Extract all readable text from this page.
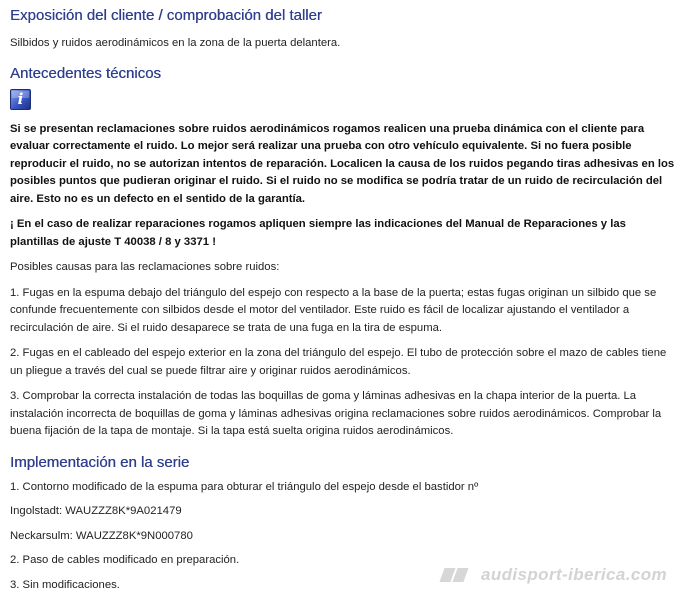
Exposición del cliente / comprobación del taller

Silbidos y ruidos aerodinámicos en la zona de la puerta delantera.

Antecedentes técnicos
i

Si se presentan reclamaciones sobre ruidos aerodinámicos rogamos realicen una prueba dinámica con el cliente para evaluar correctamente el ruido. Lo mejor será realizar una prueba con otro vehículo equivalente. Si no fuera posible reproducir el ruido, no se autorizan intentos de reparación. Localicen la causa de los ruidos pegando tiras adhesivas en los posibles puntos que pudieran originar el ruido. Si el ruido no se modifica se podría tratar de un ruido de recirculación del aire. Esto no es un defecto en el sentido de la garantía.

¡ En el caso de realizar reparaciones rogamos apliquen siempre las indicaciones del Manual de Reparaciones y las plantillas de ajuste T 40038 / 8 y 3371 !

Posibles causas para las reclamaciones sobre ruidos:

1. Fugas en la espuma debajo del triángulo del espejo con respecto a la base de la puerta; estas fugas originan un silbido que se confunde frecuentemente con silbidos desde el motor del ventilador. Este ruido es fácil de localizar ajustando el ventilador a recirculación de aire. Si el ruido desaparece se trata de una fuga en la tira de espuma.

2. Fugas en el cableado del espejo exterior en la zona del triángulo del espejo. El tubo de protección sobre el mazo de cables tiene un pliegue a través del cual se puede filtrar aire y originar ruidos aerodinámicos.

3. Comprobar la correcta instalación de todas las boquillas de goma y láminas adhesivas en la chapa interior de la puerta. La instalación incorrecta de boquillas de goma y láminas adhesivas origina reclamaciones sobre ruidos aerodinámicos. Comprobar la buena fijación de la tapa de montaje. Si la tapa está suelta origina ruidos aerodinámicos.

Implementación en la serie

1. Contorno modificado de la espuma para obturar el triángulo del espejo desde el bastidor nº

Ingolstadt: WAUZZZ8K*9A021479

Neckarsulm: WAUZZZ8K*9N000780

2. Paso de cables modificado en preparación.

3. Sin modificaciones.

audisport-iberica.com
